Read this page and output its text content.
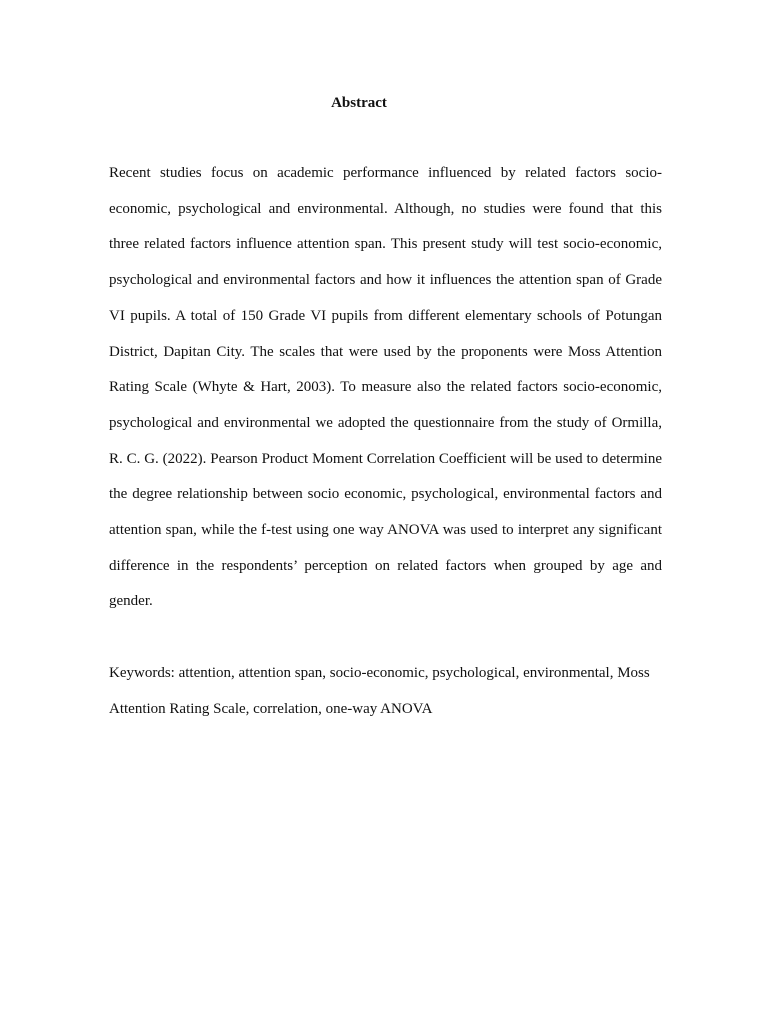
Abstract

Recent studies focus on academic performance influenced by related factors socio-economic, psychological and environmental. Although, no studies were found that this three related factors influence attention span. This present study will test socio-economic, psychological and environmental factors and how it influences the attention span of Grade VI pupils. A total of 150 Grade VI pupils from different elementary schools of Potungan District, Dapitan City. The scales that were used by the proponents were Moss Attention Rating Scale (Whyte & Hart, 2003). To measure also the related factors socio-economic, psychological and environmental we adopted the questionnaire from the study of Ormilla, R. C. G. (2022). Pearson Product Moment Correlation Coefficient will be used to determine the degree relationship between socio economic, psychological, environmental factors and attention span, while the f-test using one way ANOVA was used to interpret any significant difference in the respondents’ perception on related factors when grouped by age and gender.

Keywords: attention, attention span, socio-economic, psychological, environmental, Moss Attention Rating Scale, correlation, one-way ANOVA
